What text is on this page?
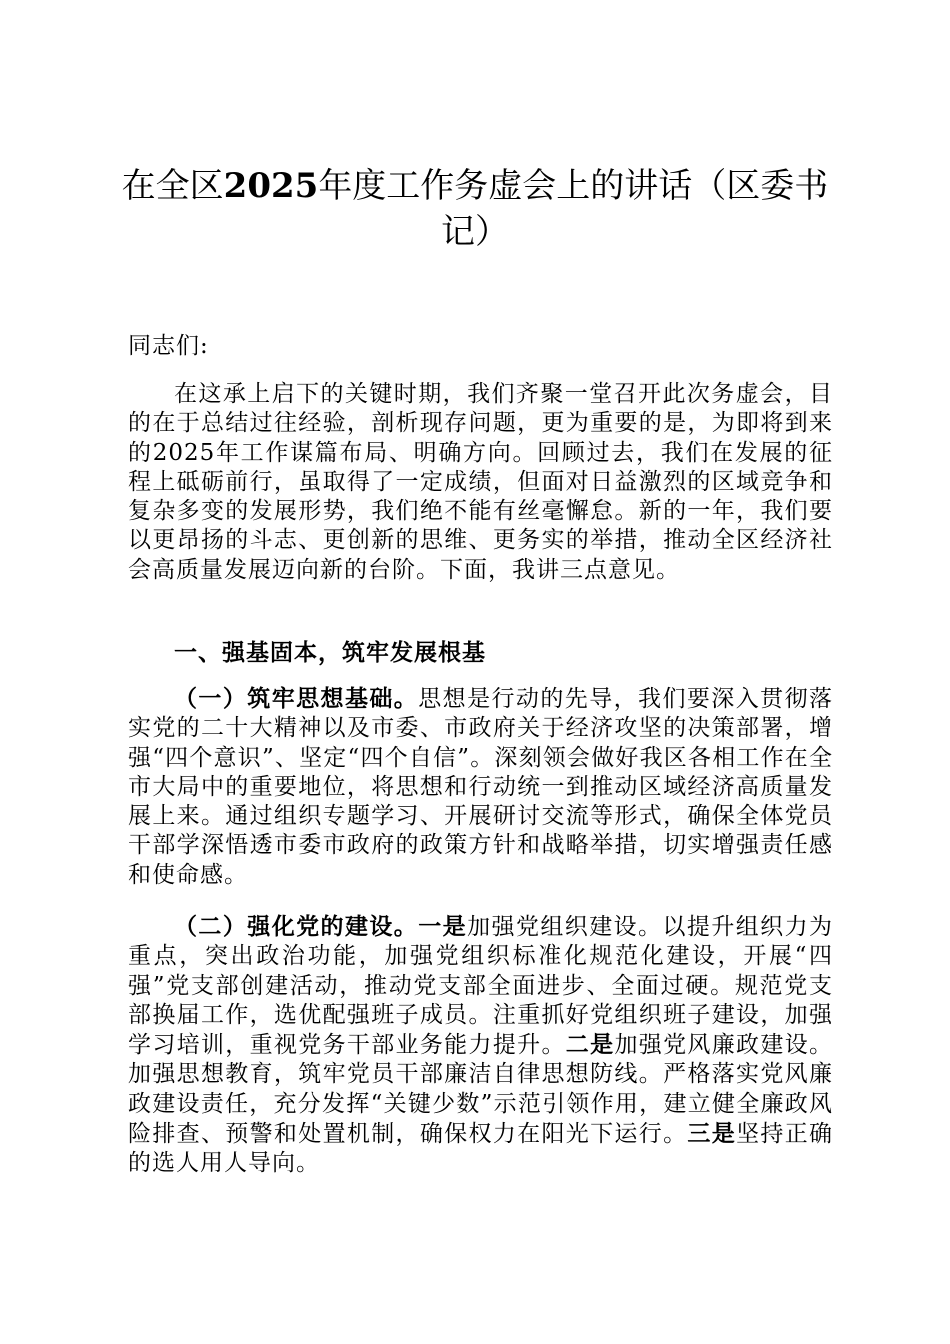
在全区2025年度工作务虚会上的讲话（区委书记）

同志们:

在这承上启下的关键时期，我们齐聚一堂召开此次务虚会，目的在于总结过往经验，剖析现存问题，更为重要的是，为即将到来的2025年工作谋篇布局、明确方向。回顾过去，我们在发展的征程上砥砺前行，虽取得了一定成绩，但面对日益激烈的区域竞争和复杂多变的发展形势，我们绝不能有丝毫懈怠。新的一年，我们要以更昂扬的斗志、更创新的思维、更务实的举措，推动全区经济社会高质量发展迈向新的台阶。下面，我讲三点意见。

一、强基固本，筑牢发展根基

（一）筑牢思想基础。思想是行动的先导，我们要深入贯彻落实党的二十大精神以及市委、市政府关于经济攻坚的决策部署，增强“四个意识”、坚定“四个自信”。深刻领会做好我区各相工作在全市大局中的重要地位，将思想和行动统一到推动区域经济高质量发展上来。通过组织专题学习、开展研讨交流等形式，确保全体党员干部学深悟透市委市政府的政策方针和战略举措，切实增强责任感和使命感。

（二）强化党的建设。一是加强党组织建设。以提升组织力为重点，突出政治功能，加强党组织标准化规范化建设，开展“四强”党支部创建活动，推动党支部全面进步、全面过硬。规范党支部换届工作，选优配强班子成员。注重抓好党组织班子建设，加强学习培训，重视党务干部业务能力提升。二是加强党风廉政建设。加强思想教育，筑牢党员干部廉洁自律思想防线。严格落实党风廉政建设责任，充分发挥“关键少数”示范引领作用，建立健全廉政风险排查、预警和处置机制，确保权力在阳光下运行。三是坚持正确的选人用人导向。
